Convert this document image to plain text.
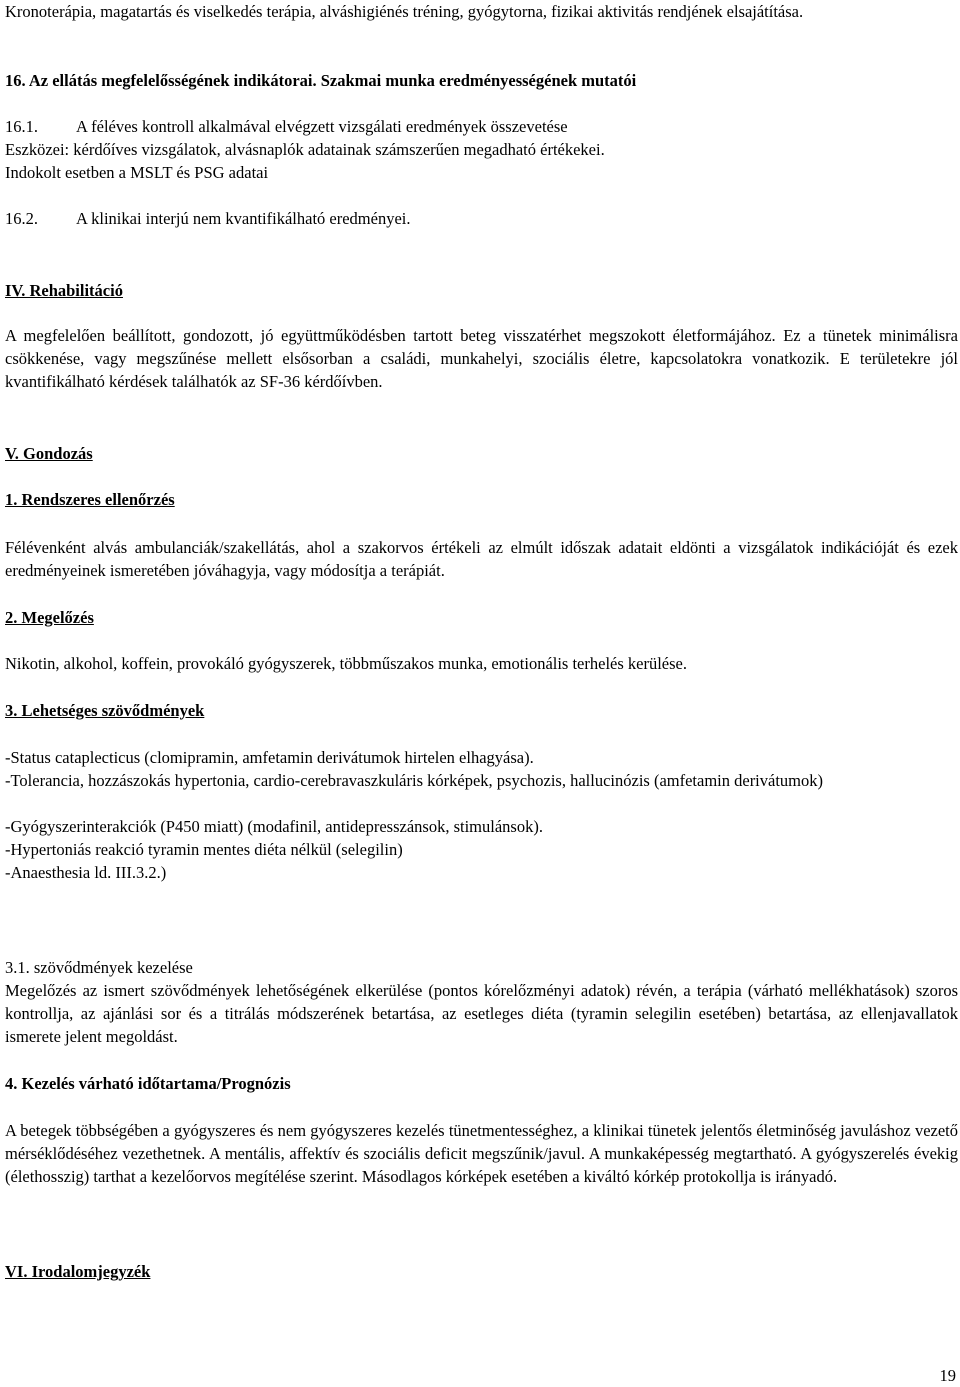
Kronoterápia, magatartás és viselkedés terápia, alváshigiénés tréning, gyógytorna, fizikai aktivitás rendjének elsajátítása.

16. Az ellátás megfelelősségének indikátorai. Szakmai munka eredményességének mutatói

16.1. A féléves kontroll alkalmával elvégzett vizsgálati eredmények összevetése

Eszközei: kérdőíves vizsgálatok, alvásnaplók adatainak számszerűen megadható értékekei.

Indokolt esetben a MSLT és PSG adatai

16.2. A klinikai interjú nem kvantifikálható eredményei.

IV. Rehabilitáció

A megfelelően beállított, gondozott, jó együttműködésben tartott beteg visszatérhet megszokott életformájához. Ez a tünetek minimálisra csökkenése, vagy megszűnése mellett elsősorban a családi, munkahelyi, szociális életre, kapcsolatokra vonatkozik. E területekre jól kvantifikálható kérdések találhatók az SF-36 kérdőívben.

V. Gondozás

1. Rendszeres ellenőrzés

Félévenként alvás ambulanciák/szakellátás, ahol a szakorvos értékeli az elmúlt időszak adatait eldönti a vizsgálatok indikációját és ezek eredményeinek ismeretében jóváhagyja, vagy módosítja a terápiát.

2. Megelőzés

Nikotin, alkohol, koffein, provokáló gyógyszerek, többműszakos munka, emotionális terhelés kerülése.

3. Lehetséges szövődmények

-Status cataplecticus (clomipramin, amfetamin derivátumok hirtelen elhagyása).

-Tolerancia, hozzászokás hypertonia, cardio-cerebravaszkuláris kórképek, psychozis, hallucinózis (amfetamin derivátumok)

-Gyógyszerinterakciók (P450 miatt) (modafinil, antidepresszánsok, stimulánsok).

-Hypertoniás reakció tyramin mentes diéta nélkül (selegilin)

-Anaesthesia ld. III.3.2.)

3.1. szövődmények kezelése

Megelőzés az ismert szövődmények lehetőségének elkerülése (pontos kórelőzményi adatok) révén, a terápia (várható mellékhatások) szoros kontrollja, az ajánlási sor és a titrálás módszerének betartása, az esetleges diéta (tyramin selegilin esetében) betartása, az ellenjavallatok ismerete jelent megoldást.

4. Kezelés várható időtartama/Prognózis

A betegek többségében a gyógyszeres és nem gyógyszeres kezelés tünetmentességhez, a klinikai tünetek jelentős életminőség javuláshoz vezető mérséklődéséhez vezethetnek. A mentális, affektív és szociális deficit megszűnik/javul. A munkaképesség megtartható. A gyógyszerelés évekig (élethosszig) tarthat a kezelőorvos megítélése szerint. Másodlagos kórképek esetében a kiváltó kórkép protokollja is irányadó.

VI. Irodalomjegyzék

19
